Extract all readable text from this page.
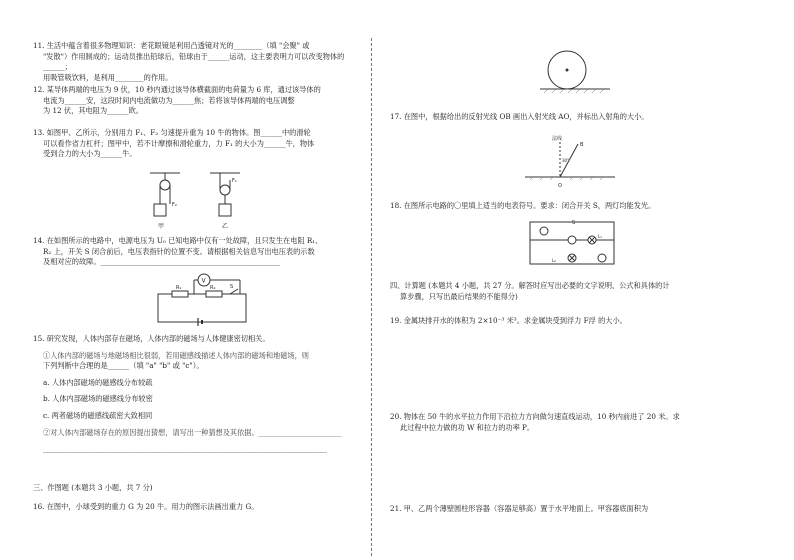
11. 生活中蕴含着很多物理知识：老花眼镜是利用凸透镜对光的________（填 "会聚" 或

"发散"）作用制成的；运动员推出铅球后，铅球由于______运动，这主要表明力可以改变物体的______；

用吸管吸饮料，是利用________的作用。

12. 某导体两端的电压为 9 伏，10 秒内通过该导体横截面的电荷量为 6 库，通过该导体的

电流为______安，这段时间内电流做功为______焦；若将该导体两端的电压调整

为 12 伏，其电阻为______欧。

13. 如图甲、乙所示，分别用力 F₁、F₂ 匀速提升重为 10 牛的物体。图______中的滑轮

可以看作省力杠杆；图甲中，若不计摩擦和滑轮重力，力 F₁ 的大小为______牛，物体

受到合力的大小为______牛。

F₂
甲
F₁
乙

14. 在如图所示的电路中，电源电压为 U₀ 已知电路中仅有一处故障，且只发生在电阻 R₁、

R₂ 上，开关 S 闭合前后，电压表指针的位置不变。请根据相关信息写出电压表的示数

及相对应的故障。__________________________________________________

V
R₁	R₂	S

15. 研究发现，人体内部存在磁场，人体内部的磁场与人体健康密切相关。

①人体内部的磁场与地磁场相比很弱，若用磁感线描述人体内部的磁场和地磁场，则

下列判断中合理的是______（填 "a" "b" 或 "c"）。

a. 人体内部磁场的磁感线分布较疏

b. 人体内部磁场的磁感线分布较密

c. 两者磁场的磁感线疏密大致相同

②对人体内部磁场存在的原因提出猜想，请写出一种猜想及其依据。_______________________

_______________________________________________________________________________

三、作图题 (本题共 3 小题，共 7 分)

16. 在图中，小球受到的重力 G 为 20 牛。用力的图示法画出重力 G。

17. 在图中，根据给出的反射光线 OB 画出入射光线 AO，并标出入射角的大小。

法线
B
30°
O

18. 在图所示电路的〇里填上适当的电表符号。要求：闭合开关 S，两灯均能发光。

S
L₁
L₂

四、计算题 (本题共 4 小题，共 27 分。解答时应写出必要的文字说明、公式和具体的计

算步骤，只写出最后结果的不能得分)

19. 金属块排开水的体积为 2×10⁻³ 米³。求金属块受到浮力 F浮 的大小。

20. 物体在 50 牛的水平拉力作用下沿拉力方向做匀速直线运动，10 秒内前进了 20 米。求

此过程中拉力做的功 W 和拉力的功率 P。

21. 甲、乙两个薄壁圆柱形容器（容器足够高）置于水平地面上。甲容器底面积为
